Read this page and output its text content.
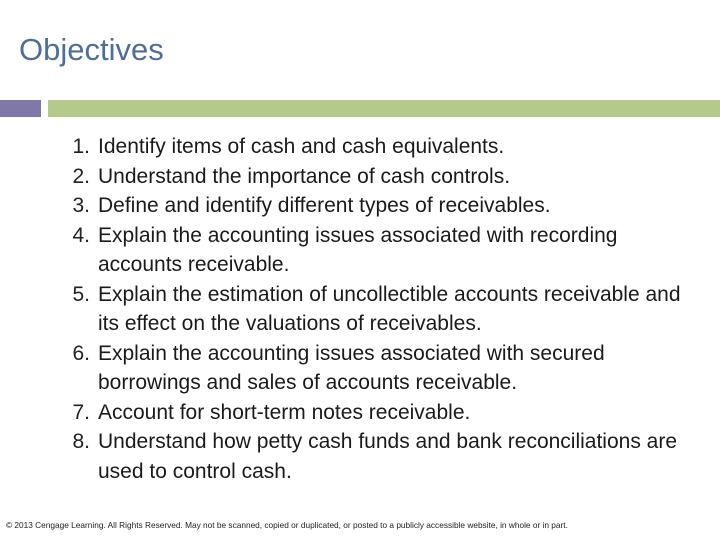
Objectives
1. Identify items of cash and cash equivalents.
2. Understand the importance of cash controls.
3. Define and identify different types of receivables.
4. Explain the accounting issues associated with recording accounts receivable.
5. Explain the estimation of uncollectible accounts receivable and its effect on the valuations of receivables.
6. Explain the accounting issues associated with secured borrowings and sales of accounts receivable.
7. Account for short-term notes receivable.
8. Understand how petty cash funds and bank reconciliations are used to control cash.
© 2013 Cengage Learning. All Rights Reserved. May not be scanned, copied or duplicated, or posted to a publicly accessible website, in whole or in part.
